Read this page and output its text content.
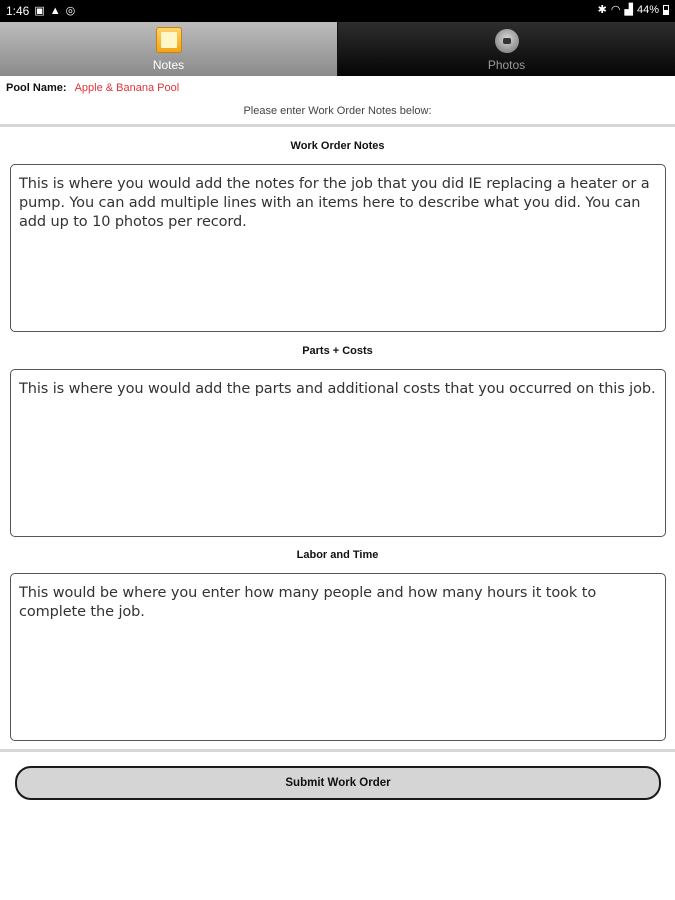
1:46 ▣ ▲ ◎	✱ ◠ ▟ 44%
Notes	Photos
Pool Name: Apple & Banana Pool
Please enter Work Order Notes below:
Work Order Notes
This is where you would add the notes for the job that you did IE replacing a heater or a pump. You can add multiple lines with an items here to describe what you did. You can add up to 10 photos per record.
Parts + Costs
This is where you would add the parts and additional costs that you occurred on this job.
Labor and Time
This would be where you enter how many people and how many hours it took to complete the job.
Submit Work Order
